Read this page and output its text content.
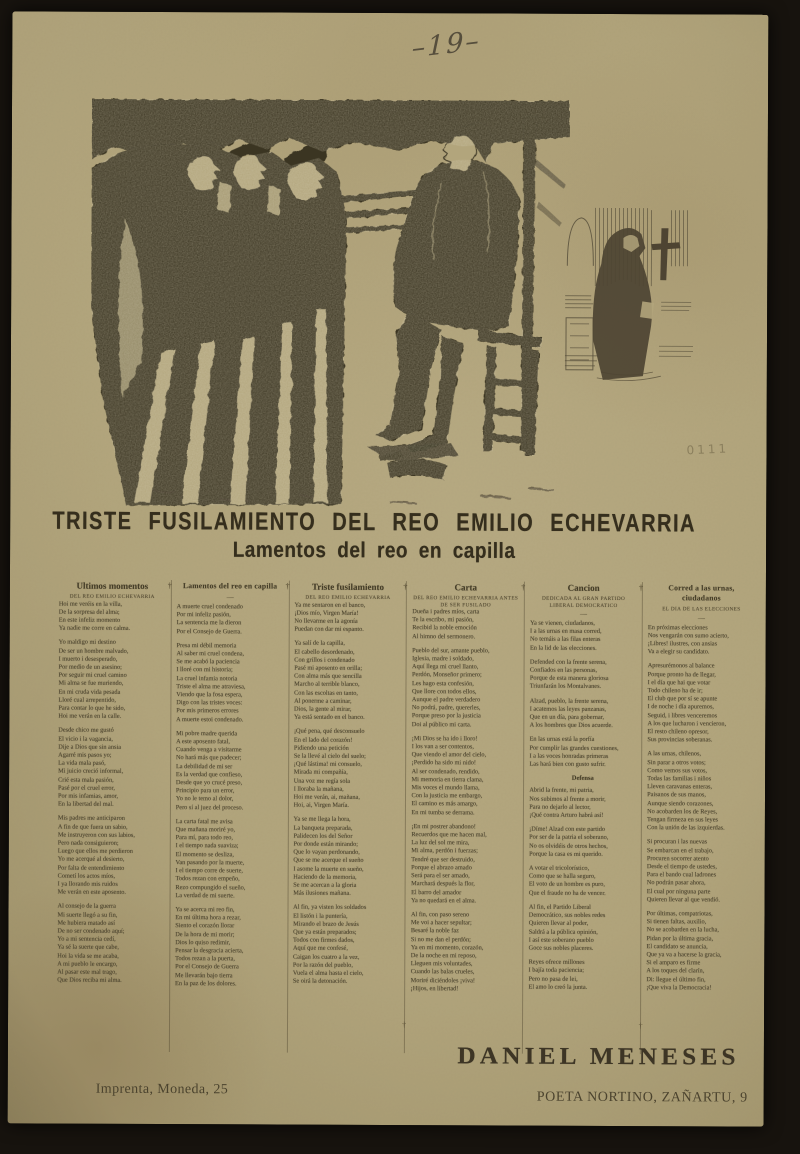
–19–
0111
TRISTE FUSILAMIENTO DEL REO EMILIO ECHEVARRIA
Lamentos del reo en capilla
Ultimos momentos
DEL REO EMILIO ECHEVARRIA

Hoi me veréis en la villa,
De la sorpresa del alma;
En este infeliz momento
Ya nadie me corre en calma.

Yo maldigo mi destino
De ser un hombre malvado,
I muerto i desesperado,
Por medio de un asesino;
Por seguir mi cruel camino
Mi alma se fue muriendo,
En mi cruda vida pesada
Lloré cual arrepentido,
Para contar lo que he sido,
Hoi me verán en la calle.

Desde chico me gustó
El vicio i la vagancia,
Dije a Dios que sin ansia
Agarré mis pasos yo;
La vida mala pasó,
Mi juicio creció informal,
Crié esta mala pasión,
Pasé por el cruel error,
Por mis infamias, amor,
En la libertad del mal.

Mis padres me anticiparon
A fin de que fuera un sabio,
Me instruyeron con sus labios,
Pero nada consiguieron;
Luego que ellos me perdieron
Yo me acerqué al desierto,
Por falta de entendimiento
Cometí los actos míos,
I ya llorando mis ruidos
Me verán en este aposento.

Al consejo de la guerra
Mi suerte llegó a su fin,
Me hubiera matado así
De no ser condenado aquí;
Yo a mi sentencia cedí,
Ya sé la suerte que cabe,
Hoi la vida se me acaba,
A mi pueblo le encargo,
Al pasar este mal trago,
Que Dios reciba mi alma.

†	Lamentos del reo en capilla
—

A muerte cruel condenado
Por mi infeliz pasión,
La sentencia me la dieron
Por el Consejo de Guerra.

Presa mi débil memoria
Al saber mi cruel condena,
Se me acabó la paciencia
I lloré con mi historia;
La cruel infamia notoria
Triste el alma me atraviesa,
Viendo que la fosa espera,
Digo con las tristes voces:
Por mis primeros errores
A muerte estoi condenado.

Mi pobre madre querida
A este aposento fatal,
Cuando venga a visitarme
No hará más que padecer;
La debilidad de mi ser
Es la verdad que confieso,
Desde que yo crucé preso,
Principio para un error,
Yo no le temo al dolor,
Pero sí al juez del proceso.

La carta fatal me avisa
Que mañana moriré yo,
Para mí, para todo reo,
I el tiempo nada suaviza;
El momento se desliza,
Van pasando por la muerte,
I el tiempo corre de suerte,
Todos rezan con empeño,
Rezo compungido el sueño,
La verdad de mi suerte.

Ya se acerca mi reo fin,
En mi última hora a rezar,
Siento el corazón llorar
De la hora de mi morir;
Dios lo quiso redimir,
Pensar la desgracia acierta,
Todos rezan a la puerta,
Por el Consejo de Guerra
Me llevarán bajo tierra
En la paz de los dolores.

†	Triste fusilamiento
DEL REO EMILIO ECHEVARRIA

Ya me sentaron en el banco,
¡Dios mío, Virgen María!
No llevarme en la agonía
Puedan con dar mi espanto.

Ya salí de la capilla,
El cabello desordenado,
Con grillos i condenado
Pasé mi aposento en orilla;
Con alma más que sencilla
Marcho al terrible blanco,
Con las escoltas en tanto,
Al ponerme a caminar,
Dios, la gente al mirar,
Ya está sentado en el banco.

¡Qué pena, qué desconsuelo
En el lado del corazón!
Pidiendo una petición
Se la llevé al cielo del suelo;
¡Qué lástima! mi consuelo,
Mirada mi compañía,
Una voz me regía sola
I lloraba la mañana,
Hoi me verán, ai, mañana,
Hoi, ai, Virgen María.

Ya se me llega la hora,
La banqueta preparada,
Palidecen los del Señor
Por donde están mirando;
Que lo vayan perdonando,
Que se me acerque el sueño
I asome la muerte en sueño,
Haciendo de la memoria,
Se me acercan a la gloria
Más ilusiones mañana.

Al fin, ya visten los soldados
El listón i la puntería,
Mirando el brazo de Jesús
Que ya están preparados;
Todos con firmes dados,
Aquí que me confesé,
Caigan los cuatro a la vez,
Por la razón del pueblo,
Vuela el alma hasta el cielo,
Se oirá la detonación.

†	Carta
DEL REO EMILIO ECHEVARRIA ANTES
DE SER FUSILADO

Dueña i padres míos, carta
Te la escribo, mi pasión,
Recibid la noble emoción
Al himno del sermonero.

Pueblo del sur, amante pueblo,
Iglesia, madre i soldado,
Aquí llega mi cruel llanto,
Perdón, Monseñor primero;
Les hago esta confesión,
Que llore con todos ellos,
Aunque el padre verdadero
No podrá, padre, quererles,
Porque preso por la justicia
Doi al público mi carta.

¡Mi Dios se ha ido i lloro!
I los van a ser contentos,
Que viendo el amor del cielo,
¡Perdido ha sido mi nido!
Al ser condenado, rendido,
Mi memoria en tierra clama,
Mis voces el mundo llama,
Con la justicia me embargo,
El camino es más amargo,
En mi tumba se derrama.

¡En mi postrer abandono!
Recuerdos que me hacen mal,
La luz del sol me mira,
Mi alma, perdón i fuerzas;
Tendré que ser destruido,
Porque el abrazo amado
Será para el ser amado,
Marchará después la flor,
El barro del amador
Ya no quedará en el alma.

Al fin, con paso sereno
Me voi a hacer sepultar;
Besaré la noble faz
Si no me dan el perdón;
Ya en mi momento, corazón,
De la noche en mi reposo,
Lleguen mis voluntades,
Cuando las balas crueles,
Moriré diciéndoles ¡viva!
¡Hijos, en libertad!

†	Cancion
DEDICADA AL GRAN PARTIDO
LIBERAL DEMOCRATICO
—

Ya se vienen, ciudadanos,
I a las urnas en masa corred,
No temáis a las filas enteras
En la lid de las elecciones.

Defended con la frente serena,
Confiados en las personas,
Porque de esta manera gloriosa
Triunfarán los Montalvanes.

Alzad, pueblo, la frente serena,
I acatemos las leyes panzanas,
Que en un día, para gobernar,
A los hombres que Dios acuerde.

En las urnas está la porfía
Por cumplir las grandes cuestiones,
I a las voces honradas primeras
Las hará bien con gusto sufrir.

Defensa

Abrid la frente, mi patria,
Nos subimos al frente a morir,
Para no dejarlo al lector,
¡Qué contra Arturo habrá así!

¡Díme! Alzad con este partido
Por ser de la patria el soberano,
No os olvidéis de otros hechos,
Porque la casa es mi querido.

A votar el tricolorístico,
Como que se halla seguro,
El voto de un hombre es puro,
Que el fraude no ha de vencer.

Al fin, el Partido Liberal
Democrático, sus nobles redes
Quieren llevar al poder,
Saldrá a la pública opinión,
I así este soberano pueblo
Goce sus nobles placeres.

Reyes ofrece millones
I bajía toda paciencia;
Pero no pasa de lei,
El amo lo creó la junta.

†	Corred a las urnas, ciudadanos
EL DIA DE LAS ELECCIONES
—

En próximas elecciones
Nos vengarán con sumo acierto,
¡Libres! ilustres, con ansias
Va a elegir su candidato.

Apresurémonos al balance
Porque pronto ha de llegar,
I el día que hai que votar
Todo chileno ha de ir;
El club que por sí se apunte
I de noche i día apuremos,
Seguid, i libres venceremos
A los que lucharon i vencieron,
El resto chileno opresor,
Sus provincias soberanas.

A las urnas, chilenos,
Sin parar a otros votos;
Como vemos sus votos,
Todas las familias i niños
Lleven caravanas enteras,
Paisanos de sus manos,
Aunque siendo corazones,
No acobarden los de Reyes,
Tengan firmeza en sus leyes
Con la unión de las izquierdas.

Si procuran i las nuevas
Se embarcan en el trabajo,
Procuren socorrer atento
Desde el tiempo de ustedes,
Para el bando cual ladrones
No podrán pasar ahora,
El cual por ninguna parte
Quieren llevar al que vendió.

Por últimas, compatriotas,
Si tienen faltas, auxilio,
No se acobarden en la lucha,
Pidan por la última gracia,
El candidato se anuncia,
Que ya va a hacerse la gracia,
Si el amparo es firme
A los toques del clarín,
Di: llegue el último fin,
¡Que viva la Democracia!

†	†
DANIEL MENESES
Imprenta, Moneda, 25
POETA NORTINO, ZAÑARTU, 9
